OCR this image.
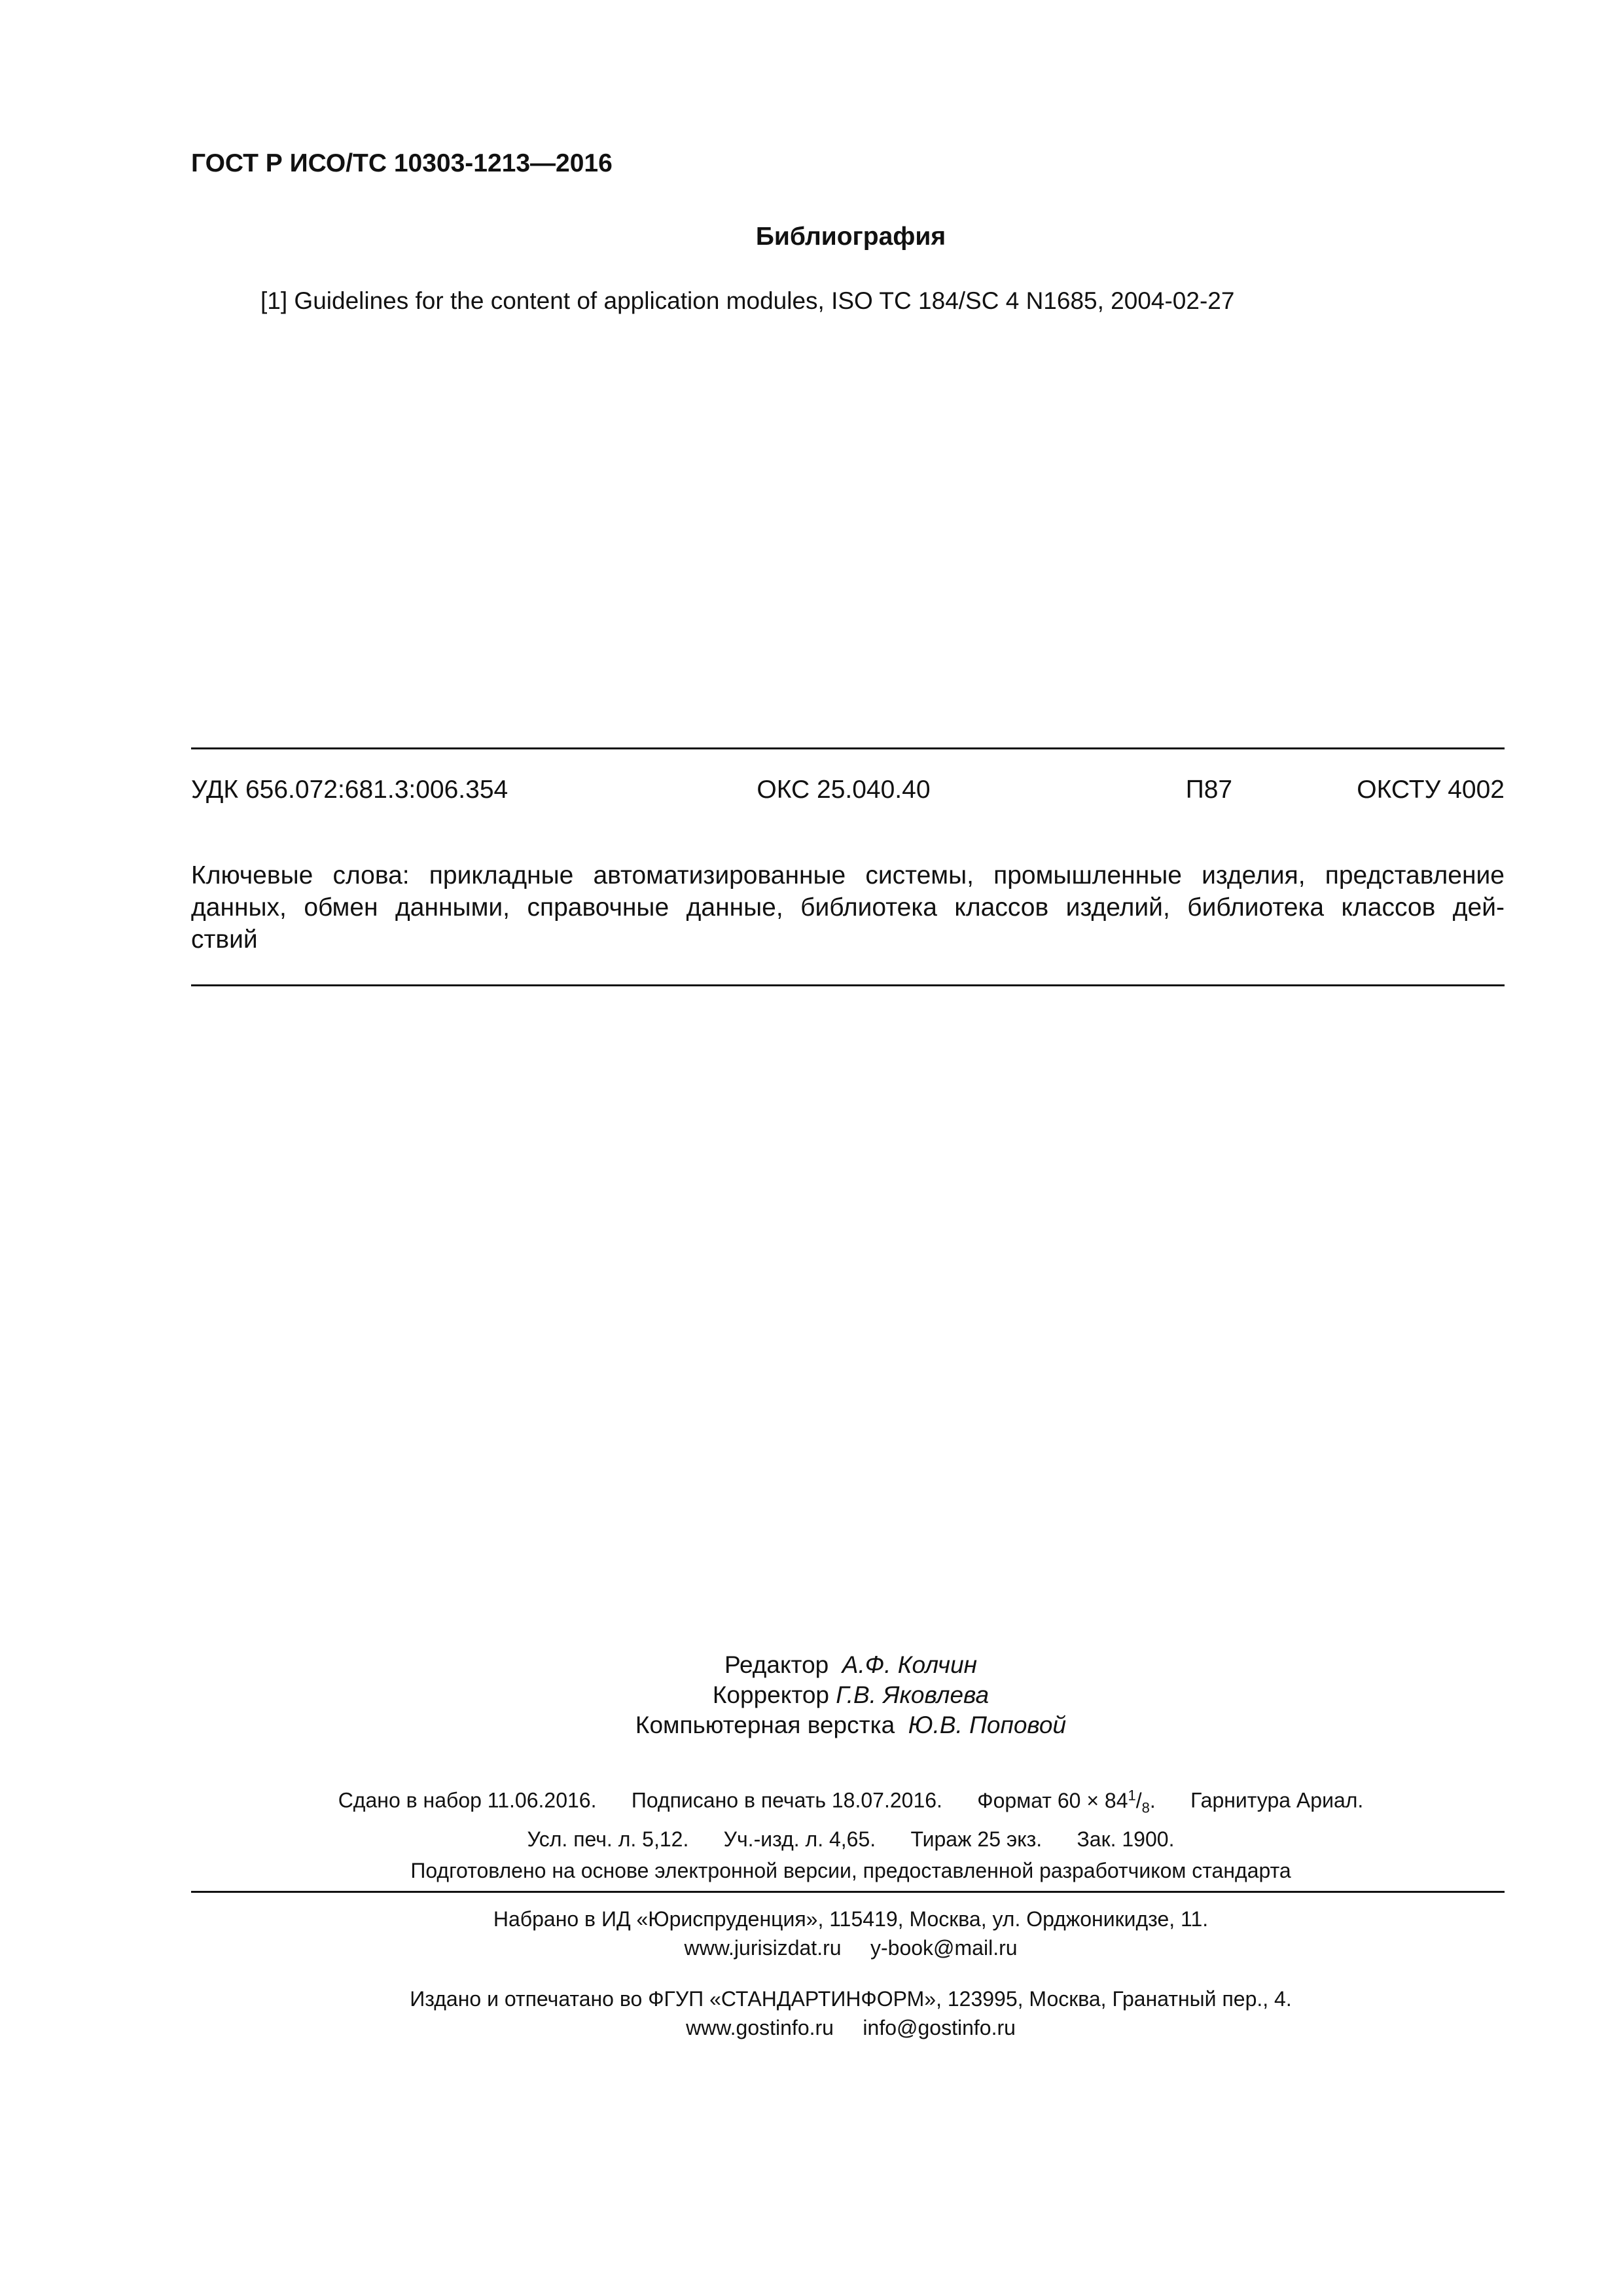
ГОСТ Р ИСО/ТС 10303-1213—2016
Библиография
[1] Guidelines for the content of application modules, ISO TC 184/SC 4 N1685, 2004-02-27
УДК 656.072:681.3:006.354	ОКС 25.040.40	П87	ОКСТУ 4002
Ключевые слова: прикладные автоматизированные системы, промышленные изделия, представление
данных, обмен данными, справочные данные, библиотека классов изделий, библиотека классов дей-
ствий
Редактор А.Ф. Колчин
Корректор Г.В. Яковлева
Компьютерная верстка Ю.В. Поповой
Сдано в набор 11.06.2016. Подписано в печать 18.07.2016. Формат $60 \times 84^1/_8$. Гарнитура Ариал.
Усл. печ. л. 5,12. Уч.-изд. л. 4,65. Тираж 25 экз. Зак. 1900.
Подготовлено на основе электронной версии, предоставленной разработчиком стандарта
Набрано в ИД «Юриспруденция», 115419, Москва, ул. Орджоникидзе, 11.
www.jurisizdat.ru y-book@mail.ru
Издано и отпечатано во ФГУП «СТАНДАРТИНФОРМ», 123995, Москва, Гранатный пер., 4.
www.gostinfo.ru info@gostinfo.ru
